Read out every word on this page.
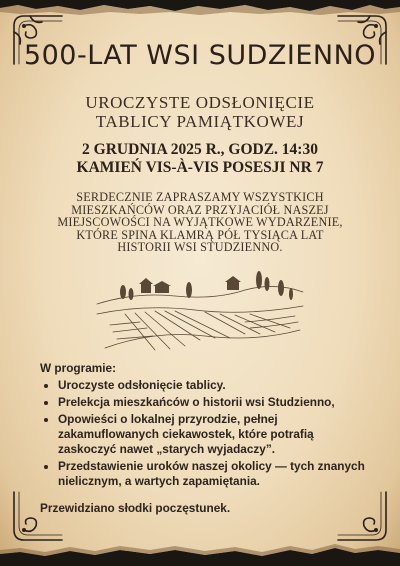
500-LAT WSI SUDZIENNO
UROCZYSTE ODSŁONIĘCIE
TABLICY PAMIĄTKOWEJ
2 GRUDNIA 2025 R., GODZ. 14:30
KAMIEŃ VIS-À-VIS POSESJI NR 7
SERDECZNIE ZAPRASZAMY WSZYSTKICH
MIESZKAŃCÓW ORAZ PRZYJACIÓŁ NASZEJ
MIEJSCOWOŚCI NA WYJĄTKOWE WYDARZENIE,
KTÓRE SPINA KLAMRĄ PÓŁ TYSIĄCA LAT
HISTORII WSI STUDZIENNO.
W programie:
• Uroczyste odsłonięcie tablicy.
• Prelekcja mieszkańców o historii wsi Studzienno,
• Opowieści o lokalnej przyrodzie, pełnej zakamuflowanych ciekawostek, które potrafią zaskoczyć nawet „starych wyjadaczy”.
• Przedstawienie uroków naszej okolicy — tych znanych nielicznym, a wartych zapamiętania.
Przewidziano słodki poczęstunek.
